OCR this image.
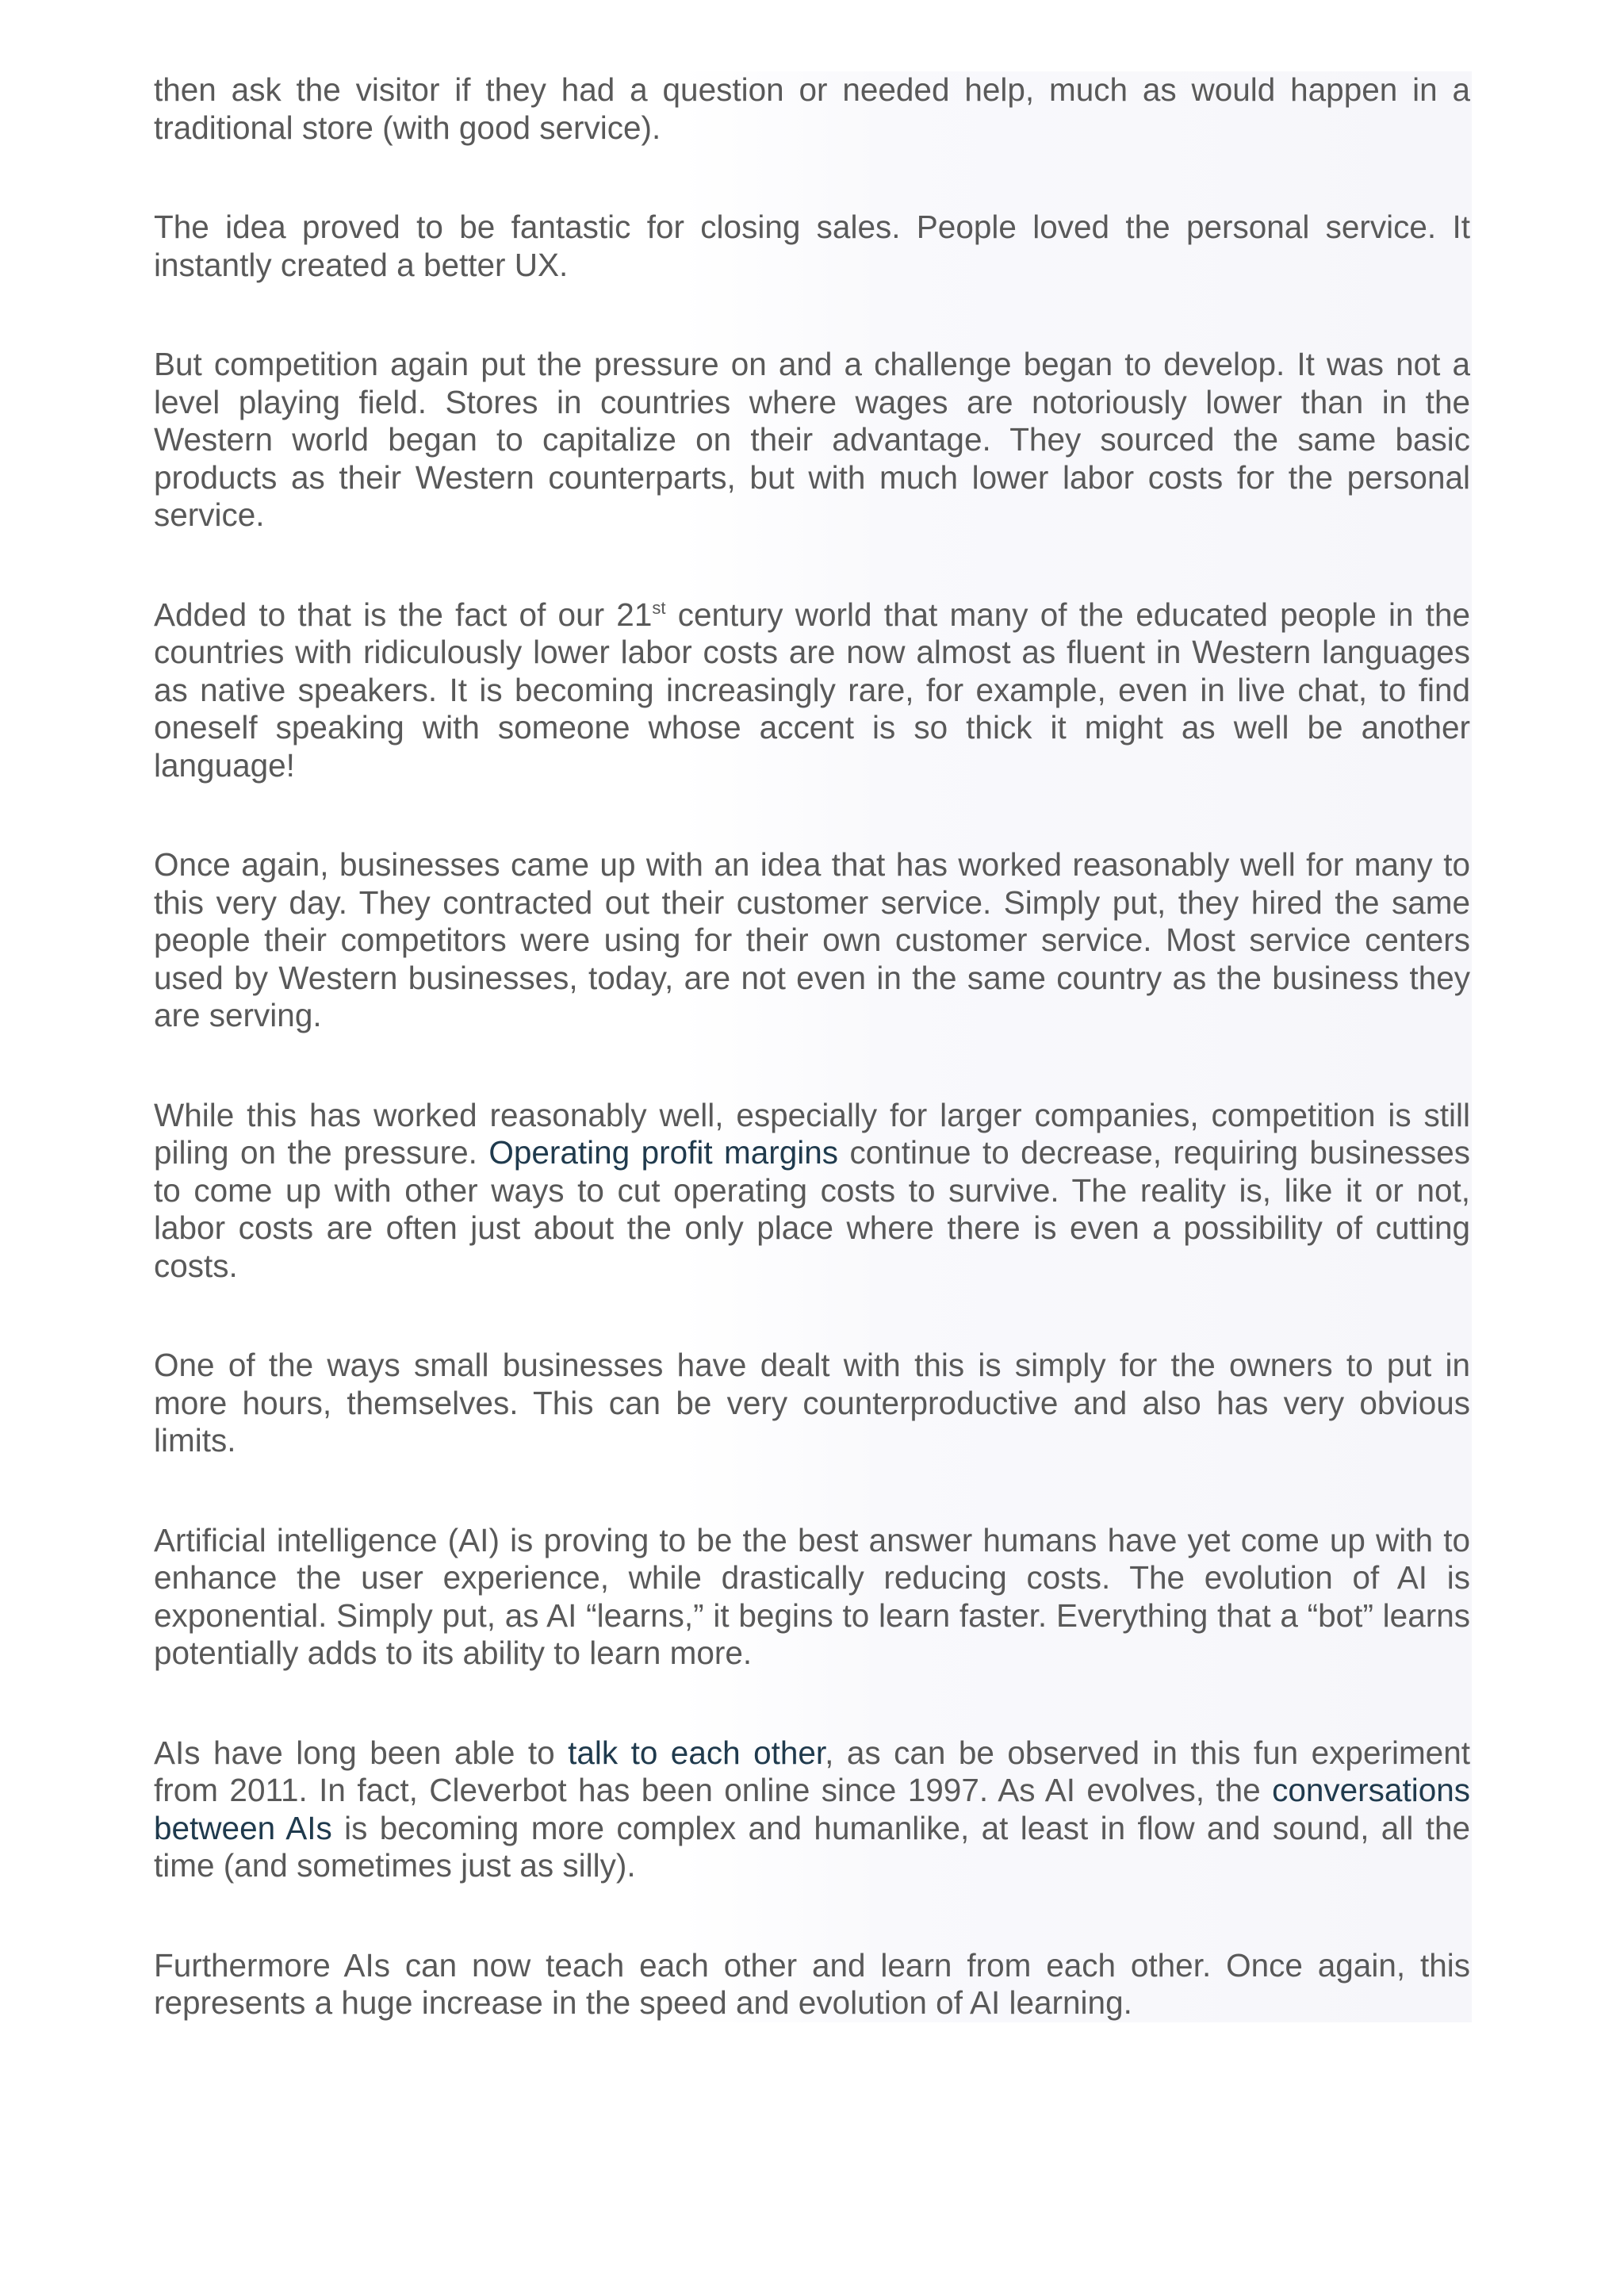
then ask the visitor if they had a question or needed help, much as would happen in a traditional store (with good service).

The idea proved to be fantastic for closing sales. People loved the personal service. It instantly created a better UX.

But competition again put the pressure on and a challenge began to develop. It was not a level playing field. Stores in countries where wages are notoriously lower than in the Western world began to capitalize on their advantage. They sourced the same basic products as their Western counterparts, but with much lower labor costs for the personal service.

Added to that is the fact of our 21st century world that many of the educated people in the countries with ridiculously lower labor costs are now almost as fluent in Western languages as native speakers. It is becoming increasingly rare, for example, even in live chat, to find oneself speaking with someone whose accent is so thick it might as well be another language!

Once again, businesses came up with an idea that has worked reasonably well for many to this very day. They contracted out their customer service. Simply put, they hired the same people their competitors were using for their own customer service. Most service centers used by Western businesses, today, are not even in the same country as the business they are serving.

While this has worked reasonably well, especially for larger companies, competition is still piling on the pressure. Operating profit margins continue to decrease, requiring businesses to come up with other ways to cut operating costs to survive. The reality is, like it or not, labor costs are often just about the only place where there is even a possibility of cutting costs.

One of the ways small businesses have dealt with this is simply for the owners to put in more hours, themselves. This can be very counterproductive and also has very obvious limits.

Artificial intelligence (AI) is proving to be the best answer humans have yet come up with to enhance the user experience, while drastically reducing costs. The evolution of AI is exponential. Simply put, as AI “learns,” it begins to learn faster. Everything that a “bot” learns potentially adds to its ability to learn more.

AIs have long been able to talk to each other, as can be observed in this fun experiment from 2011. In fact, Cleverbot has been online since 1997. As AI evolves, the conversations between AIs is becoming more complex and humanlike, at least in flow and sound, all the time (and sometimes just as silly).

Furthermore AIs can now teach each other and learn from each other. Once again, this represents a huge increase in the speed and evolution of AI learning.
